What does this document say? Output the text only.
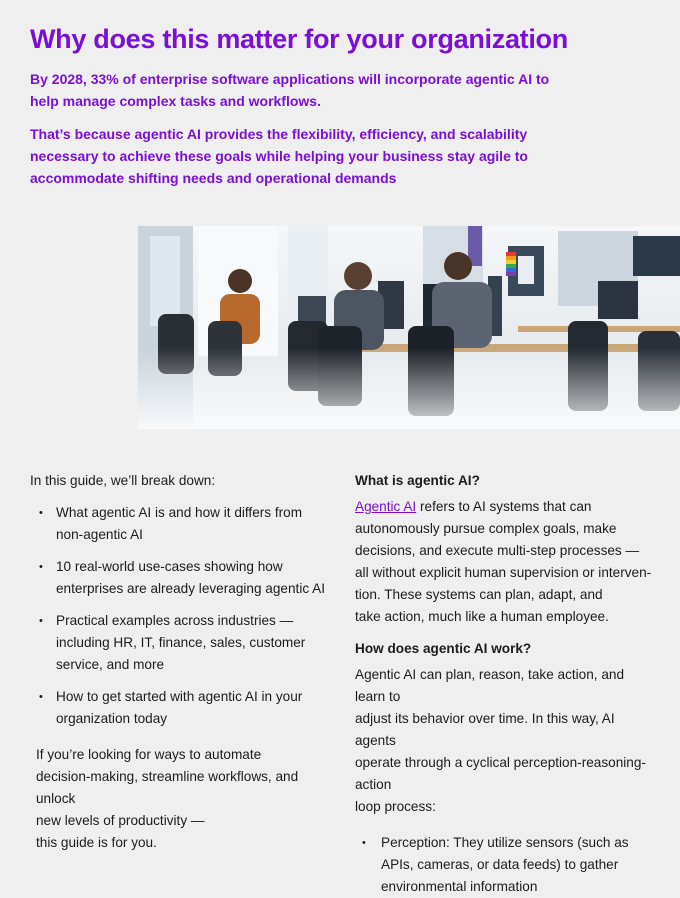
Why does this matter for your organization

By 2028, 33% of enterprise software applications will incorporate agentic AI to help manage complex tasks and workflows.

That’s because agentic AI provides the flexibility, efficiency, and scalability necessary to achieve these goals while helping your business stay agile to accommodate shifting needs and operational demands

In this guide, we’ll break down:

• What agentic AI is and how it differs from non-agentic AI
• 10 real-world use-cases showing how enterprises are already leveraging agentic AI
• Practical examples across industries — including HR, IT, finance, sales, customer service, and more
• How to get started with agentic AI in your organization today
If you’re looking for ways to automate
decision-making, streamline workflows, and unlock
new levels of productivity —
this guide is for you.
What is agentic AI?
Agentic AI refers to AI systems that can
autonomously pursue complex goals, make
decisions, and execute multi-step processes —
all without explicit human supervision or interven-
tion. These systems can plan, adapt, and
take action, much like a human employee.
How does agentic AI work?
Agentic AI can plan, reason, take action, and learn to
adjust its behavior over time. In this way, AI agents
operate through a cyclical perception-reasoning-action
loop process:
• Perception: They utilize sensors (such as APIs, cameras, or data feeds) to gather environmental information
